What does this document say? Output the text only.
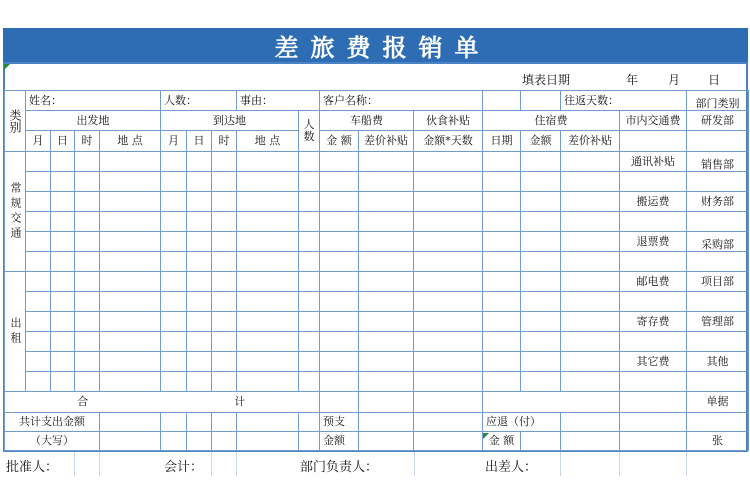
差旅费报销单
填表日期	年 月 日
类别	姓名：				人数：			事由：		客户名称：					往返天数：		部门类别
	出发地				到达地				人数	车船费		伙食补贴	住宿费			市内交通费	研发部
	月	日	时	地 点	月	日	时	地 点		金 额	差价补贴	金额*天数	日期	金额	差价补贴		
常规交通																通讯补贴	销售部

																搬运费	财务部

																退票费	采购部

出租																邮电费	项目部

																寄存费	管理部

																其它费	其他

合					计												单据
共计支出金额										预支			应退（付）				
（大写）										金额			金 额				张
批准人：	会计：	部门负责人：	出差人：
